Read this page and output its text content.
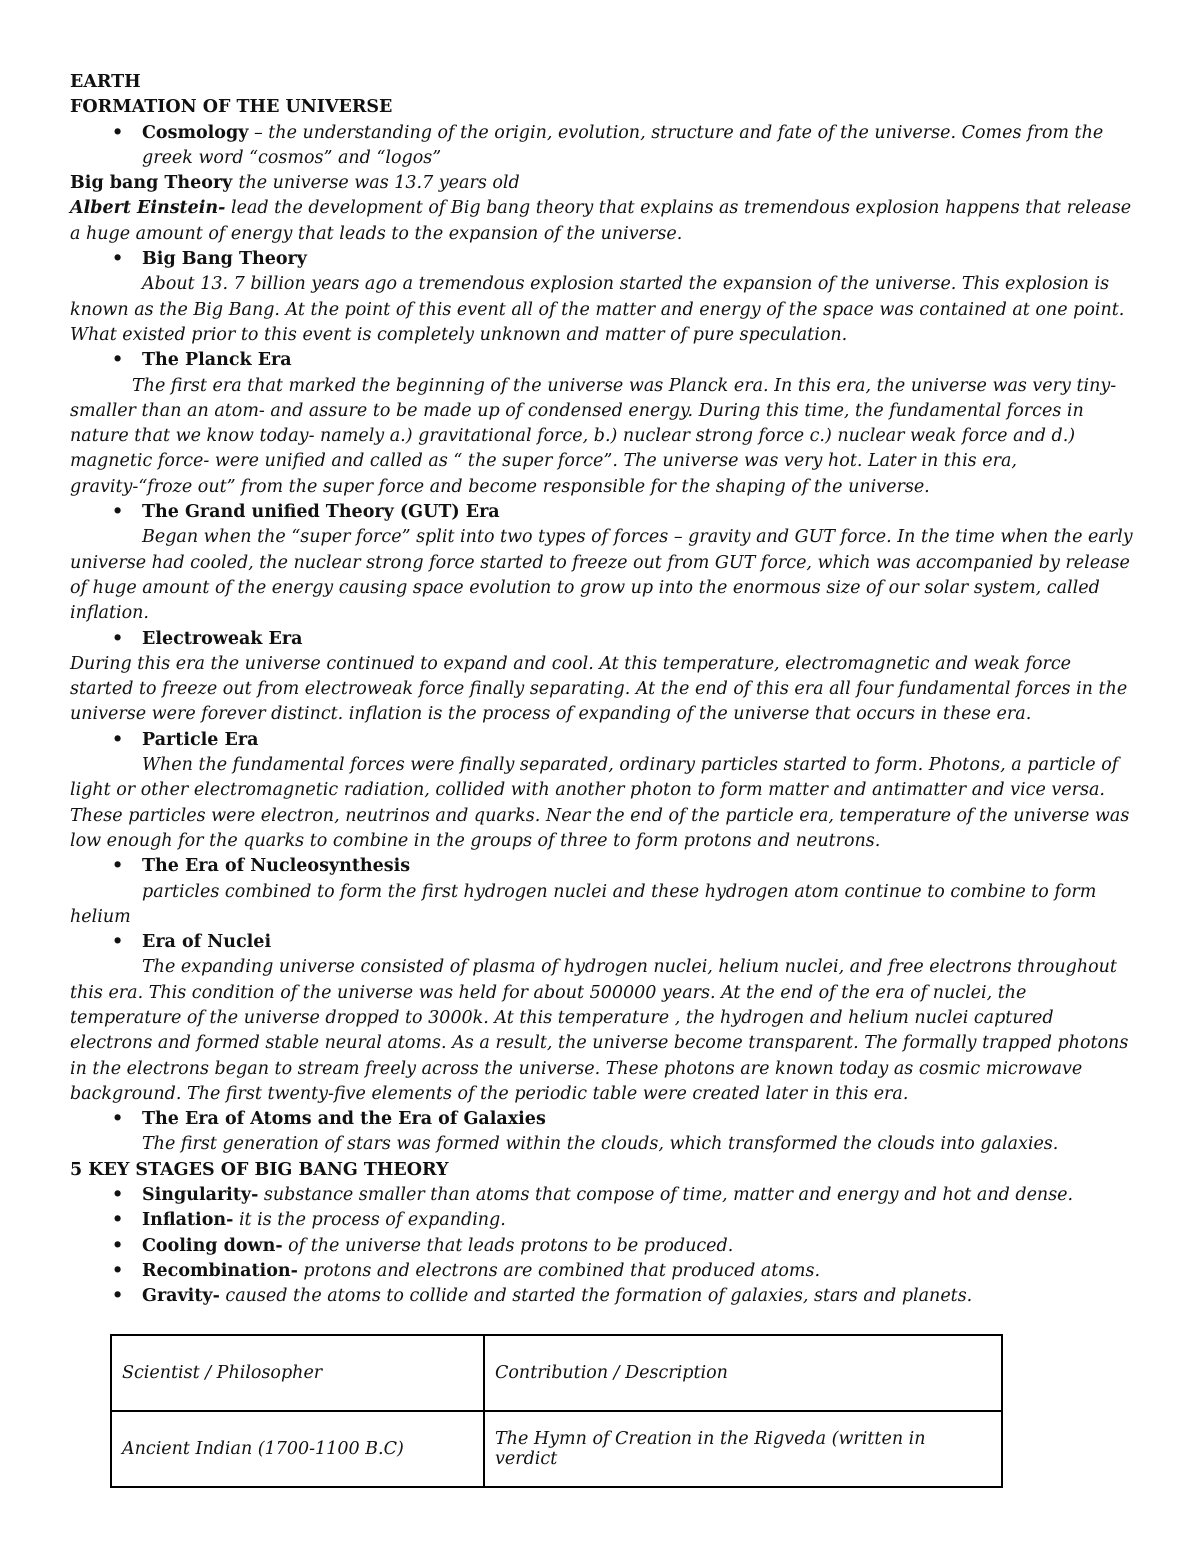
EARTH
FORMATION OF THE UNIVERSE
• Cosmology – the understanding of the origin, evolution, structure and fate of the universe. Comes from the
greek word “cosmos” and “logos”
Big bang Theory the universe was 13.7 years old
Albert Einstein- lead the development of Big bang theory that explains as tremendous explosion happens that release
a huge amount of energy that leads to the expansion of the universe.
• Big Bang Theory
About 13. 7 billion years ago a tremendous explosion started the expansion of the universe. This explosion is
known as the Big Bang. At the point of this event all of the matter and energy of the space was contained at one point.
What existed prior to this event is completely unknown and matter of pure speculation.
• The Planck Era
The first era that marked the beginning of the universe was Planck era. In this era, the universe was very tiny-
smaller than an atom- and assure to be made up of condensed energy. During this time, the fundamental forces in
nature that we know today- namely a.) gravitational force, b.) nuclear strong force c.) nuclear weak force and d.)
magnetic force- were unified and called as “ the super force”. The universe was very hot. Later in this era,
gravity-“froze out” from the super force and become responsible for the shaping of the universe.
• The Grand unified Theory (GUT) Era
Began when the “super force” split into two types of forces – gravity and GUT force. In the time when the early
universe had cooled, the nuclear strong force started to freeze out from GUT force, which was accompanied by release
of huge amount of the energy causing space evolution to grow up into the enormous size of our solar system, called
inflation.
• Electroweak Era
During this era the universe continued to expand and cool. At this temperature, electromagnetic and weak force
started to freeze out from electroweak force finally separating. At the end of this era all four fundamental forces in the
universe were forever distinct. inflation is the process of expanding of the universe that occurs in these era.
• Particle Era
When the fundamental forces were finally separated, ordinary particles started to form. Photons, a particle of
light or other electromagnetic radiation, collided with another photon to form matter and antimatter and vice versa.
These particles were electron, neutrinos and quarks. Near the end of the particle era, temperature of the universe was
low enough for the quarks to combine in the groups of three to form protons and neutrons.
• The Era of Nucleosynthesis
particles combined to form the first hydrogen nuclei and these hydrogen atom continue to combine to form
helium
• Era of Nuclei
The expanding universe consisted of plasma of hydrogen nuclei, helium nuclei, and free electrons throughout
this era. This condition of the universe was held for about 500000 years. At the end of the era of nuclei, the
temperature of the universe dropped to 3000k. At this temperature , the hydrogen and helium nuclei captured
electrons and formed stable neural atoms. As a result, the universe become transparent. The formally trapped photons
in the electrons began to stream freely across the universe. These photons are known today as cosmic microwave
background. The first twenty-five elements of the periodic table were created later in this era.
• The Era of Atoms and the Era of Galaxies
The first generation of stars was formed within the clouds, which transformed the clouds into galaxies.
5 KEY STAGES OF BIG BANG THEORY
• Singularity- substance smaller than atoms that compose of time, matter and energy and hot and dense.
• Inflation- it is the process of expanding.
• Cooling down- of the universe that leads protons to be produced.
• Recombination- protons and electrons are combined that produced atoms.
• Gravity- caused the atoms to collide and started the formation of galaxies, stars and planets.
Scientist / Philosopher	Contribution / Description
Ancient Indian (1700-1100 B.C)	The Hymn of Creation in the Rigveda (written in verdict
